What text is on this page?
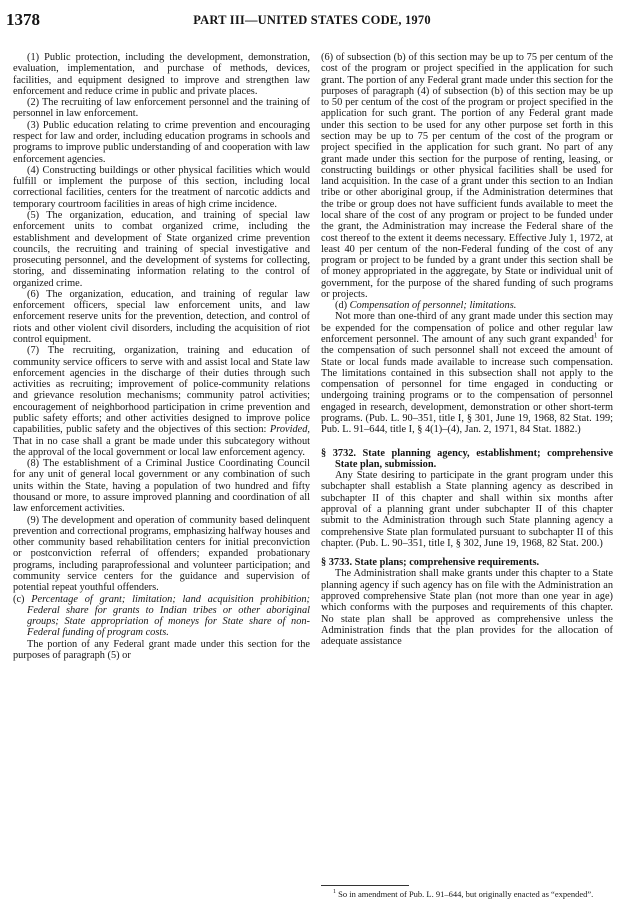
1378	PART III—UNITED STATES CODE, 1970

(1) Public protection, including the development, demonstration, evaluation, implementation, and purchase of methods, devices, facilities, and equipment designed to improve and strengthen law enforcement and reduce crime in public and private places.

(2) The recruiting of law enforcement personnel and the training of personnel in law enforcement.

(3) Public education relating to crime prevention and encouraging respect for law and order, including education programs in schools and programs to improve public understanding of and cooperation with law enforcement agencies.

(4) Constructing buildings or other physical facilities which would fulfill or implement the purpose of this section, including local correctional facilities, centers for the treatment of narcotic addicts and temporary courtroom facilities in areas of high crime incidence.

(5) The organization, education, and training of special law enforcement units to combat organized crime, including the establishment and development of State organized crime prevention councils, the recruiting and training of special investigative and prosecuting personnel, and the development of systems for collecting, storing, and disseminating information relating to the control of organized crime.

(6) The organization, education, and training of regular law enforcement officers, special law enforcement units, and law enforcement reserve units for the prevention, detection, and control of riots and other violent civil disorders, including the acquisition of riot control equipment.

(7) The recruiting, organization, training and education of community service officers to serve with and assist local and State law enforcement agencies in the discharge of their duties through such activities as recruiting; improvement of police-community relations and grievance resolution mechanisms; community patrol activities; encouragement of neighborhood participation in crime prevention and public safety efforts; and other activities designed to improve police capabilities, public safety and the objectives of this section: Provided, That in no case shall a grant be made under this subcategory without the approval of the local government or local law enforcement agency.

(8) The establishment of a Criminal Justice Coordinating Council for any unit of general local government or any combination of such units within the State, having a population of two hundred and fifty thousand or more, to assure improved planning and coordination of all law enforcement activities.

(9) The development and operation of community based delinquent prevention and correctional programs, emphasizing halfway houses and other community based rehabilitation centers for initial preconviction or postconviction referral of offenders; expanded probationary programs, including paraprofessional and volunteer participation; and community service centers for the guidance and supervision of potential repeat youthful offenders.

(c) Percentage of grant; limitation; land acquisition prohibition; Federal share for grants to Indian tribes or other aboriginal groups; State appropriation of moneys for State share of non-Federal funding of program costs.

The portion of any Federal grant made under this section for the purposes of paragraph (5) or

(6) of subsection (b) of this section may be up to 75 per centum of the cost of the program or project specified in the application for such grant. The portion of any Federal grant made under this section for the purposes of paragraph (4) of subsection (b) of this section may be up to 50 per centum of the cost of the program or project specified in the application for such grant. The portion of any Federal grant made under this section to be used for any other purpose set forth in this section may be up to 75 per centum of the cost of the program or project specified in the application for such grant. No part of any grant made under this section for the purpose of renting, leasing, or constructing buildings or other physical facilities shall be used for land acquisition. In the case of a grant under this section to an Indian tribe or other aboriginal group, if the Administration determines that the tribe or group does not have sufficient funds available to meet the local share of the cost of any program or project to be funded under the grant, the Administration may increase the Federal share of the cost thereof to the extent it deems necessary. Effective July 1, 1972, at least 40 per centum of the non-Federal funding of the cost of any program or project to be funded by a grant under this section shall be of money appropriated in the aggregate, by State or individual unit of government, for the purpose of the shared funding of such programs or projects.

(d) Compensation of personnel; limitations.

Not more than one-third of any grant made under this section may be expended for the compensation of police and other regular law enforcement personnel. The amount of any such grant expanded$^1$ for the compensation of such personnel shall not exceed the amount of State or local funds made available to increase such compensation. The limitations contained in this subsection shall not apply to the compensation of personnel for time engaged in conducting or undergoing training programs or to the compensation of personnel engaged in research, development, demonstration or other short-term programs. (Pub. L. 90–351, title I, § 301, June 19, 1968, 82 Stat. 199; Pub. L. 91–644, title I, § 4(1)–(4), Jan. 2, 1971, 84 Stat. 1882.)

§ 3732. State planning agency, establishment; comprehensive State plan, submission.

Any State desiring to participate in the grant program under this subchapter shall establish a State planning agency as described in subchapter II of this chapter and shall within six months after approval of a planning grant under subchapter II of this chapter submit to the Administration through such State planning agency a comprehensive State plan formulated pursuant to subchapter II of this chapter. (Pub. L. 90–351, title I, § 302, June 19, 1968, 82 Stat. 200.)

§ 3733. State plans; comprehensive requirements.

The Administration shall make grants under this chapter to a State planning agency if such agency has on file with the Administration an approved comprehensive State plan (not more than one year in age) which conforms with the purposes and requirements of this chapter. No state plan shall be approved as comprehensive unless the Administration finds that the plan provides for the allocation of adequate assistance

$^1$ So in amendment of Pub. L. 91–644, but originally enacted as “expended”.
